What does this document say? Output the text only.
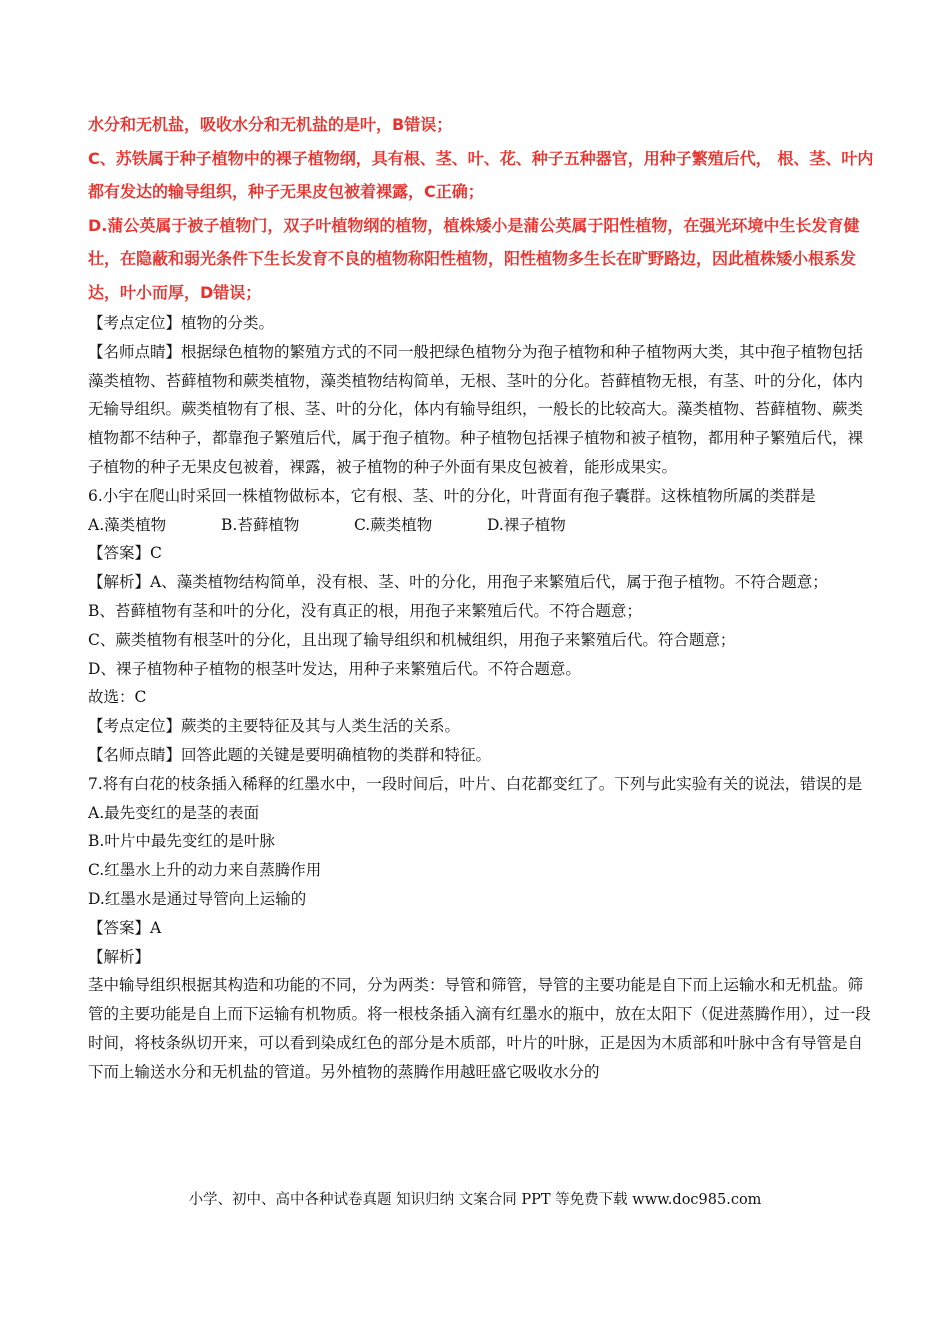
水分和无机盐，吸收水分和无机盐的是叶，B错误；

C、苏铁属于种子植物中的裸子植物纲，具有根、茎、叶、花、种子五种器官，用种子繁殖后代， 根、茎、叶内都有发达的输导组织，种子无果皮包被着裸露，C正确；

D.蒲公英属于被子植物门，双子叶植物纲的植物，植株矮小是蒲公英属于阳性植物，在强光环境中生长发育健壮，在隐蔽和弱光条件下生长发育不良的植物称阳性植物，阳性植物多生长在旷野路边，因此植株矮小根系发达，叶小而厚，D错误；

【考点定位】植物的分类。

【名师点睛】根据绿色植物的繁殖方式的不同一般把绿色植物分为孢子植物和种子植物两大类，其中孢子植物包括藻类植物、苔藓植物和蕨类植物，藻类植物结构简单，无根、茎叶的分化。苔藓植物无根，有茎、叶的分化，体内无输导组织。蕨类植物有了根、茎、叶的分化，体内有输导组织，一般长的比较高大。藻类植物、苔藓植物、蕨类植物都不结种子，都靠孢子繁殖后代，属于孢子植物。种子植物包括裸子植物和被子植物，都用种子繁殖后代，裸子植物的种子无果皮包被着，裸露，被子植物的种子外面有果皮包被着，能形成果实。

6.小宇在爬山时采回一株植物做标本，它有根、茎、叶的分化，叶背面有孢子囊群。这株植物所属的类群是

A.藻类植物	B.苔藓植物	C.蕨类植物	D.裸子植物

【答案】C

【解析】A、藻类植物结构简单，没有根、茎、叶的分化，用孢子来繁殖后代，属于孢子植物。不符合题意；

B、苔藓植物有茎和叶的分化，没有真正的根，用孢子来繁殖后代。不符合题意；

C、蕨类植物有根茎叶的分化，且出现了输导组织和机械组织，用孢子来繁殖后代。符合题意；

D、裸子植物种子植物的根茎叶发达，用种子来繁殖后代。不符合题意。

故选：C

【考点定位】蕨类的主要特征及其与人类生活的关系。

【名师点睛】回答此题的关键是要明确植物的类群和特征。

7.将有白花的枝条插入稀释的红墨水中，一段时间后，叶片、白花都变红了。下列与此实验有关的说法，错误的是

A.最先变红的是茎的表面

B.叶片中最先变红的是叶脉

C.红墨水上升的动力来自蒸腾作用

D.红墨水是通过导管向上运输的

【答案】A

【解析】

茎中输导组织根据其构造和功能的不同，分为两类：导管和筛管，导管的主要功能是自下而上运输水和无机盐。筛管的主要功能是自上而下运输有机物质。将一根枝条插入滴有红墨水的瓶中，放在太阳下（促进蒸腾作用），过一段时间，将枝条纵切开来，可以看到染成红色的部分是木质部，叶片的叶脉，正是因为木质部和叶脉中含有导管是自下而上输送水分和无机盐的管道。另外植物的蒸腾作用越旺盛它吸收水分的

小学、初中、高中各种试卷真题 知识归纳 文案合同 PPT 等免费下载 www.doc985.com
